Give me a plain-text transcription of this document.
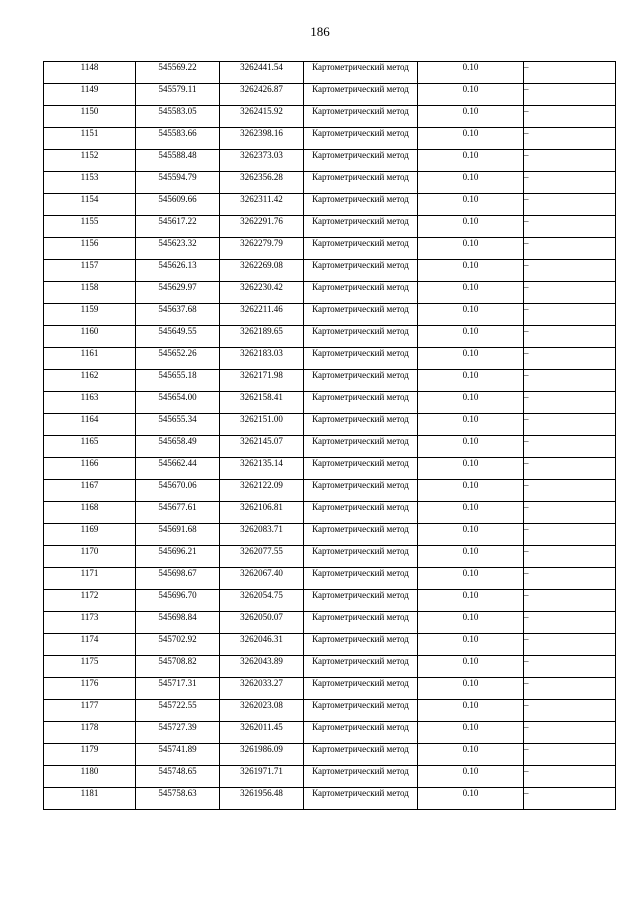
186
1148	545569.22	3262441.54	Картометрический метод	0.10	–
1149	545579.11	3262426.87	Картометрический метод	0.10	–
1150	545583.05	3262415.92	Картометрический метод	0.10	–
1151	545583.66	3262398.16	Картометрический метод	0.10	–
1152	545588.48	3262373.03	Картометрический метод	0.10	–
1153	545594.79	3262356.28	Картометрический метод	0.10	–
1154	545609.66	3262311.42	Картометрический метод	0.10	–
1155	545617.22	3262291.76	Картометрический метод	0.10	–
1156	545623.32	3262279.79	Картометрический метод	0.10	–
1157	545626.13	3262269.08	Картометрический метод	0.10	–
1158	545629.97	3262230.42	Картометрический метод	0.10	–
1159	545637.68	3262211.46	Картометрический метод	0.10	–
1160	545649.55	3262189.65	Картометрический метод	0.10	–
1161	545652.26	3262183.03	Картометрический метод	0.10	–
1162	545655.18	3262171.98	Картометрический метод	0.10	–
1163	545654.00	3262158.41	Картометрический метод	0.10	–
1164	545655.34	3262151.00	Картометрический метод	0.10	–
1165	545658.49	3262145.07	Картометрический метод	0.10	–
1166	545662.44	3262135.14	Картометрический метод	0.10	–
1167	545670.06	3262122.09	Картометрический метод	0.10	–
1168	545677.61	3262106.81	Картометрический метод	0.10	–
1169	545691.68	3262083.71	Картометрический метод	0.10	–
1170	545696.21	3262077.55	Картометрический метод	0.10	–
1171	545698.67	3262067.40	Картометрический метод	0.10	–
1172	545696.70	3262054.75	Картометрический метод	0.10	–
1173	545698.84	3262050.07	Картометрический метод	0.10	–
1174	545702.92	3262046.31	Картометрический метод	0.10	–
1175	545708.82	3262043.89	Картометрический метод	0.10	–
1176	545717.31	3262033.27	Картометрический метод	0.10	–
1177	545722.55	3262023.08	Картометрический метод	0.10	–
1178	545727.39	3262011.45	Картометрический метод	0.10	–
1179	545741.89	3261986.09	Картометрический метод	0.10	–
1180	545748.65	3261971.71	Картометрический метод	0.10	–
1181	545758.63	3261956.48	Картометрический метод	0.10	–
